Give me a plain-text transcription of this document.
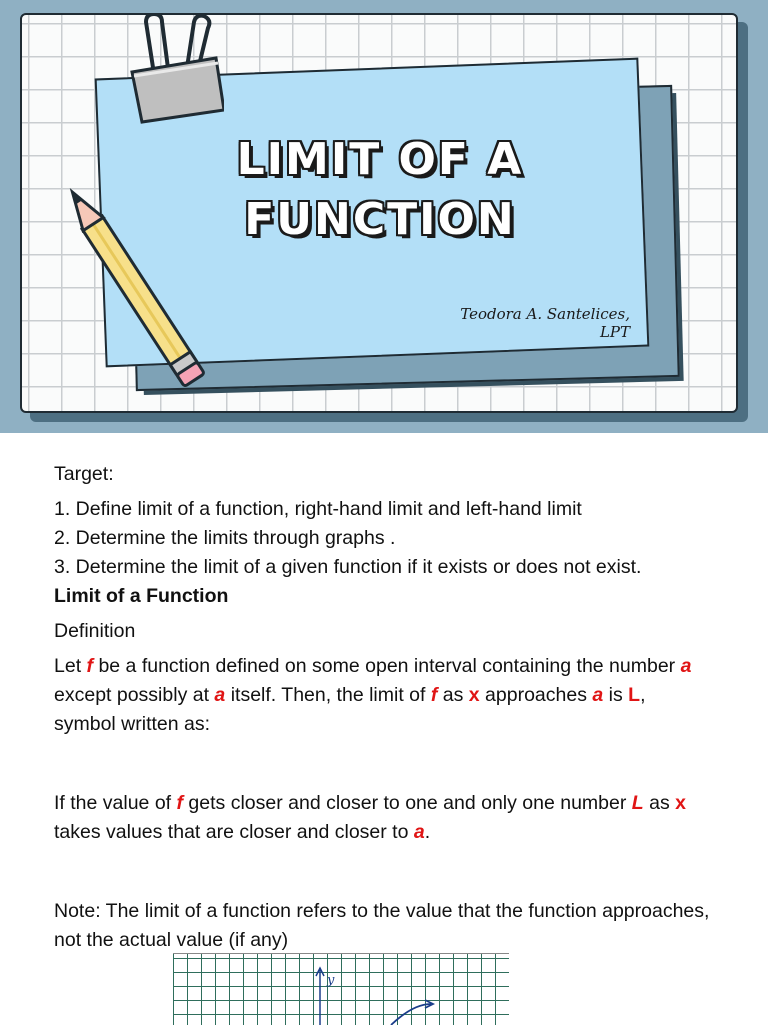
LIMIT OF A
FUNCTION
Teodora A. Santelices, LPT

Target:

1. Define limit of a function, right-hand limit and left-hand limit

2. Determine the limits through graphs .

3. Determine the limit of a given function if it exists or does not exist.

Limit of a Function

Definition

Let f be a function defined on some open interval containing the number a except possibly at a itself. Then, the limit of f as x approaches a is L,
symbol written as:

If the value of f gets closer and closer to one and only one number L as x
takes values that are closer and closer to a.

Note: The limit of a function refers to the value that the function approaches, not the actual value (if any)

y
